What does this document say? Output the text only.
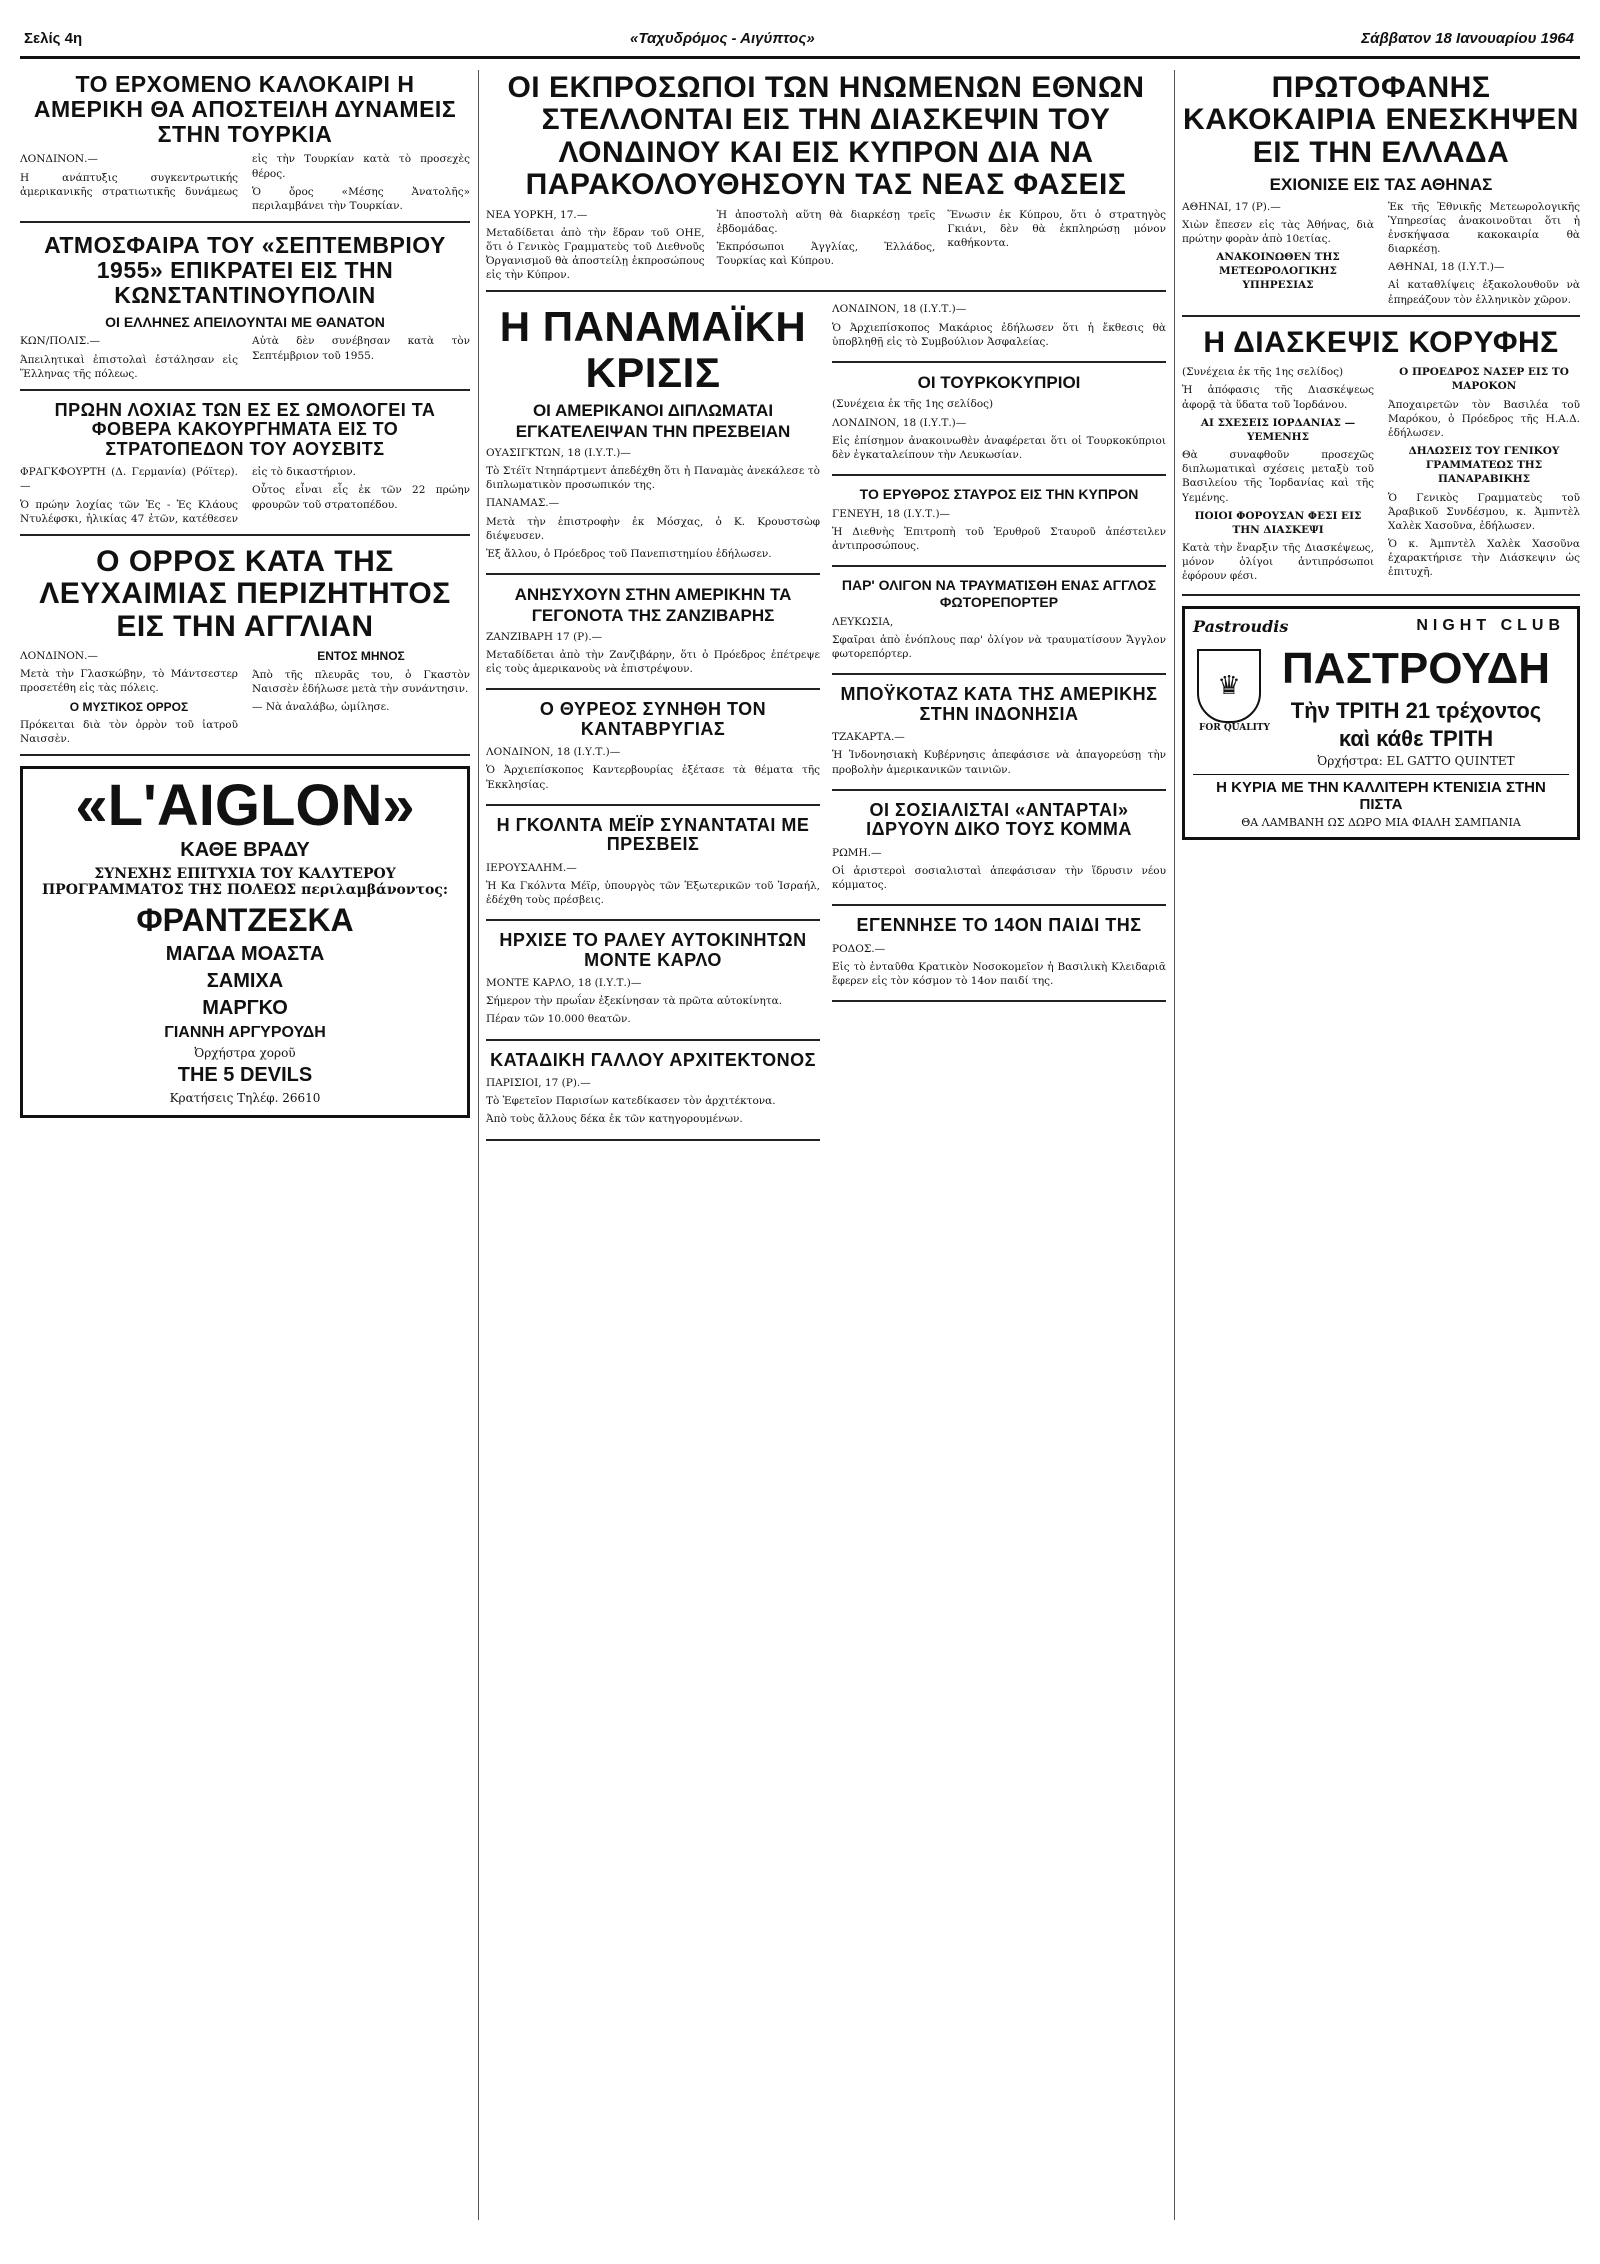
Σελίς 4η	«Ταχυδρόμος - Αιγύπτος»	Σάββατον 18 Ιανουαρίου 1964
ΤΟ ΕΡΧΟΜΕΝΟ ΚΑΛΟΚΑΙΡΙ Η ΑΜΕΡΙΚΗ ΘΑ ΑΠΟΣΤΕΙΛΗ ΔΥΝΑΜΕΙΣ ΣΤΗΝ ΤΟΥΡΚΙΑ

ΛΟΝΔΙΝΟΝ.—

Η ανάπτυξις συγκεντρωτικής ἀμερικανικῆς στρατιωτικῆς δυνάμεως εἰς τὴν Τουρκίαν κατὰ τὸ προσεχὲς θέρος.

Ὁ ὄρος «Μέσης Ἀνατολῆς» περιλαμβάνει τὴν Τουρκίαν.

ΑΤΜΟΣΦΑΙΡΑ ΤΟΥ «ΣΕΠΤΕΜΒΡΙΟΥ 1955» ΕΠΙΚΡΑΤΕΙ ΕΙΣ ΤΗΝ ΚΩΝΣΤΑΝΤΙΝΟΥΠΟΛΙΝ
ΟΙ ΕΛΛΗΝΕΣ ΑΠΕΙΛΟΥΝΤΑΙ ΜΕ ΘΑΝΑΤΟΝ

ΚΩΝ/ΠΟΛΙΣ.—

Ἀπειλητικαὶ ἐπιστολαὶ ἐστάλησαν εἰς Ἕλληνας τῆς πόλεως.

Αὐτὰ δὲν συνέβησαν κατὰ τὸν Σεπτέμβριον τοῦ 1955.

ΠΡΩΗΝ ΛΟΧΙΑΣ ΤΩΝ ΕΣ ΕΣ ΩΜΟΛΟΓΕΙ ΤΑ ΦΟΒΕΡΑ ΚΑΚΟΥΡΓΗΜΑΤΑ ΕΙΣ ΤΟ ΣΤΡΑΤΟΠΕΔΟΝ ΤΟΥ ΑΟΥΣΒΙΤΣ

ΦΡΑΓΚΦΟΥΡΤΗ (Δ. Γερμανία) (Ρόϊτερ).—

Ὁ πρώην λοχίας τῶν Ἐς - Ἐς Κλάους Ντυλέφσκι, ἡλικίας 47 ἐτῶν, κατέθεσεν εἰς τὸ δικαστήριον.

Οὗτος εἶναι εἷς ἐκ τῶν 22 πρώην φρουρῶν τοῦ στρατοπέδου.

Ο ΟΡΡΟΣ ΚΑΤΑ ΤΗΣ ΛΕΥΧΑΙΜΙΑΣ ΠΕΡΙΖΗΤΗΤΟΣ ΕΙΣ ΤΗΝ ΑΓΓΛΙΑΝ

ΛΟΝΔΙΝΟΝ.—

Μετὰ τὴν Γλασκώβην, τὸ Μάντσεστερ προσετέθη εἰς τὰς πόλεις.

Ο ΜΥΣΤΙΚΟΣ ΟΡΡΟΣ

Πρόκειται διὰ τὸν ὀρρὸν τοῦ ἰατροῦ Ναισσὲν.

ΕΝΤΟΣ ΜΗΝΟΣ

Ἀπὸ τῆς πλευρᾶς του, ὁ Γκαστὸν Ναισσὲν ἐδήλωσε μετὰ τὴν συνάντησιν.

— Νὰ ἀναλάβω, ὡμίλησε.

«L'AIGLON»
ΚΑΘΕ ΒΡΑΔΥ
ΣΥΝΕΧΗΣ ΕΠΙΤΥΧΙΑ ΤΟΥ ΚΑΛΥΤΕΡΟΥ ΠΡΟΓΡΑΜΜΑΤΟΣ ΤΗΣ ΠΟΛΕΩΣ περιλαμβάνοντος:
ΦΡΑΝΤΖΕΣΚΑ
ΜΑΓΔΑ ΜΟΑΣΤΑ
ΣΑΜΙΧΑ
ΜΑΡΓΚΟ
ΓΙΑΝΝΗ ΑΡΓΥΡΟΥΔΗ
Ὀρχήστρα χοροῦ
THE 5 DEVILS
Κρατήσεις Τηλέφ. 26610
ΟΙ ΕΚΠΡΟΣΩΠΟΙ ΤΩΝ ΗΝΩΜΕΝΩΝ ΕΘΝΩΝ ΣΤΕΛΛΟΝΤΑΙ ΕΙΣ ΤΗΝ ΔΙΑΣΚΕΨΙΝ ΤΟΥ ΛΟΝΔΙΝΟΥ ΚΑΙ ΕΙΣ ΚΥΠΡΟΝ ΔΙΑ ΝΑ ΠΑΡΑΚΟΛΟΥΘΗΣΟΥΝ ΤΑΣ ΝΕΑΣ ΦΑΣΕΙΣ

ΝΕΑ ΥΟΡΚΗ, 17.—

Μεταδίδεται ἀπὸ τὴν ἕδραν τοῦ ΟΗΕ, ὅτι ὁ Γενικὸς Γραμματεὺς τοῦ Διεθνοῦς Ὀργανισμοῦ θὰ ἀποστείλῃ ἐκπροσώπους εἰς τὴν Κύπρον.

Ἡ ἀποστολὴ αὕτη θὰ διαρκέσῃ τρεῖς ἑβδομάδας.

Ἐκπρόσωποι Ἀγγλίας, Ἑλλάδος, Τουρκίας καὶ Κύπρου.

Ἕνωσιν ἐκ Κύπρου, ὅτι ὁ στρατηγὸς Γκιάνι, δὲν θὰ ἐκπληρώσῃ μόνον καθήκοντα.

Η ΠΑΝΑΜΑΪΚΗ ΚΡΙΣΙΣ
ΟΙ ΑΜΕΡΙΚΑΝΟΙ ΔΙΠΛΩΜΑΤΑΙ ΕΓΚΑΤΕΛΕΙΨΑΝ ΤΗΝ ΠΡΕΣΒΕΙΑΝ

ΟΥΑΣΙΓΚΤΩΝ, 18 (Ι.Υ.Τ.)—

Τὸ Στέϊτ Ντηπάρτμεντ ἀπεδέχθη ὅτι ἡ Παναμὰς ἀνεκάλεσε τὸ διπλωματικὸν προσωπικόν της.

ΠΑΝΑΜΑΣ.—

Μετὰ τὴν ἐπιστροφὴν ἐκ Μόσχας, ὁ Κ. Κρουστσὼφ διέψευσεν.

Ἐξ ἄλλου, ὁ Πρόεδρος τοῦ Πανεπιστημίου ἐδήλωσεν.

ΑΝΗΣΥΧΟΥΝ ΣΤΗΝ ΑΜΕΡΙΚΗΝ ΤΑ ΓΕΓΟΝΟΤΑ ΤΗΣ ΖΑΝΖΙΒΑΡΗΣ

ΖΑΝΖΙΒΑΡΗ 17 (Ρ).—

Μεταδίδεται ἀπὸ τὴν Ζανζιβάρην, ὅτι ὁ Πρόεδρος ἐπέτρεψε εἰς τοὺς ἀμερικανοὺς νὰ ἐπιστρέψουν.

Ο ΘΥΡΕΟΣ ΣΥΝΗΘΗ ΤΟΝ ΚΑΝΤΑΒΡΥΓΙΑΣ

ΛΟΝΔΙΝΟΝ, 18 (Ι.Υ.Τ.)—

Ὁ Ἀρχιεπίσκοπος Καντερβουρίας ἐξέτασε τὰ θέματα τῆς Ἐκκλησίας.

Η ΓΚΟΛΝΤΑ ΜΕΪΡ ΣΥΝΑΝΤΑΤΑΙ ΜΕ ΠΡΕΣΒΕΙΣ

ΙΕΡΟΥΣΑΛΗΜ.—

Ἡ Κα Γκόλντα Μέϊρ, ὑπουργὸς τῶν Ἐξωτερικῶν τοῦ Ἰσραήλ, ἐδέχθη τοὺς πρέσβεις.

ΗΡΧΙΣΕ ΤΟ ΡΑΛΕΥ ΑΥΤΟΚΙΝΗΤΩΝ ΜΟΝΤΕ ΚΑΡΛΟ

ΜΟΝΤΕ ΚΑΡΛΟ, 18 (Ι.Υ.Τ.)—

Σήμερον τὴν πρωΐαν ἐξεκίνησαν τὰ πρῶτα αὐτοκίνητα.

Πέραν τῶν 10.000 θεατῶν.

ΚΑΤΑΔΙΚΗ ΓΑΛΛΟΥ ΑΡΧΙΤΕΚΤΟΝΟΣ

ΠΑΡΙΣΙΟΙ, 17 (Ρ).—

Τὸ Ἐφετεῖον Παρισίων κατεδίκασεν τὸν ἀρχιτέκτονα.

Ἀπὸ τοὺς ἄλλους δέκα ἐκ τῶν κατηγορουμένων.

ΛΟΝΔΙΝΟΝ, 18 (Ι.Υ.Τ.)—

Ὁ Ἀρχιεπίσκοπος Μακάριος ἐδήλωσεν ὅτι ἡ ἔκθεσις θὰ ὑποβληθῇ εἰς τὸ Συμβούλιον Ἀσφαλείας.

ΟΙ ΤΟΥΡΚΟΚΥΠΡΙΟΙ

(Συνέχεια ἐκ τῆς 1ης σελίδος)

ΛΟΝΔΙΝΟΝ, 18 (Ι.Υ.Τ.)—

Εἰς ἐπίσημον ἀνακοινωθὲν ἀναφέρεται ὅτι οἱ Τουρκοκύπριοι δὲν ἐγκαταλείπουν τὴν Λευκωσίαν.

ΤΟ ΕΡΥΘΡΟΣ ΣΤΑΥΡΟΣ ΕΙΣ ΤΗΝ ΚΥΠΡΟΝ

ΓΕΝΕΥΗ, 18 (Ι.Υ.Τ.)—

Ἡ Διεθνὴς Ἐπιτροπὴ τοῦ Ἐρυθροῦ Σταυροῦ ἀπέστειλεν ἀντιπροσώπους.

ΠΑΡ' ΟΛΙΓΟΝ ΝΑ ΤΡΑΥΜΑΤΙΣΘΗ ΕΝΑΣ ΑΓΓΛΟΣ ΦΩΤΟΡΕΠΟΡΤΕΡ

ΛΕΥΚΩΣΙΑ,

Σφαῖραι ἀπὸ ἐνόπλους παρ' ὀλίγον νὰ τραυματίσουν Ἄγγλον φωτορεπόρτερ.

ΜΠΟΫΚΟΤΑΖ ΚΑΤΑ ΤΗΣ ΑΜΕΡΙΚΗΣ ΣΤΗΝ ΙΝΔΟΝΗΣΙΑ

ΤΖΑΚΑΡΤΑ.—

Ἡ Ἰνδονησιακὴ Κυβέρνησις ἀπεφάσισε νὰ ἀπαγορεύσῃ τὴν προβολὴν ἀμερικανικῶν ταινιῶν.

ΟΙ ΣΟΣΙΑΛΙΣΤΑΙ «ΑΝΤΑΡΤΑΙ» ΙΔΡΥΟΥΝ ΔΙΚΟ ΤΟΥΣ ΚΟΜΜΑ

ΡΩΜΗ.—

Οἱ ἀριστεροὶ σοσιαλισταὶ ἀπεφάσισαν τὴν ἵδρυσιν νέου κόμματος.

ΕΓΕΝΝΗΣΕ ΤΟ 14ΟΝ ΠΑΙΔΙ ΤΗΣ

ΡΟΔΟΣ.—

Εἰς τὸ ἐνταῦθα Κρατικὸν Νοσοκομεῖον ἡ Βασιλικὴ Κλειδαριᾶ ἔφερεν εἰς τὸν κόσμον τὸ 14ον παιδί της.

ΠΡΩΤΟΦΑΝΗΣ ΚΑΚΟΚΑΙΡΙΑ ΕΝΕΣΚΗΨΕΝ ΕΙΣ ΤΗΝ ΕΛΛΑΔΑ
ΕΧΙΟΝΙΣΕ ΕΙΣ ΤΑΣ ΑΘΗΝΑΣ

ΑΘΗΝΑΙ, 17 (Ρ).—

Χιὼν ἔπεσεν εἰς τὰς Ἀθήνας, διὰ πρώτην φορὰν ἀπὸ 10ετίας.

ΑΝΑΚΟΙΝΩΘΕΝ ΤΗΣ ΜΕΤΕΩΡΟΛΟΓΙΚΗΣ ΥΠΗΡΕΣΙΑΣ

Ἐκ τῆς Ἐθνικῆς Μετεωρολογικῆς Ὑπηρεσίας ἀνακοινοῦται ὅτι ἡ ἐνσκήψασα κακοκαιρία θὰ διαρκέσῃ.

ΑΘΗΝΑΙ, 18 (Ι.Υ.Τ.)—

Αἱ καταθλίψεις ἐξακολουθοῦν νὰ ἐπηρεάζουν τὸν ἑλληνικὸν χῶρον.

Η ΔΙΑΣΚΕΨΙΣ ΚΟΡΥΦΗΣ

(Συνέχεια ἐκ τῆς 1ης σελίδος)

Ἡ ἀπόφασις τῆς Διασκέψεως ἀφορᾷ τὰ ὕδατα τοῦ Ἰορδάνου.

ΑΙ ΣΧΕΣΕΙΣ ΙΟΡΔΑΝΙΑΣ — ΥΕΜΕΝΗΣ

Θὰ συναφθοῦν προσεχῶς διπλωματικαὶ σχέσεις μεταξὺ τοῦ Βασιλείου τῆς Ἰορδανίας καὶ τῆς Υεμένης.

ΠΟΙΟΙ ΦΟΡΟΥΣΑΝ ΦΕΣΙ ΕΙΣ ΤΗΝ ΔΙΑΣΚΕΨΙ

Κατὰ τὴν ἔναρξιν τῆς Διασκέψεως, μόνον ὀλίγοι ἀντιπρόσωποι ἐφόρουν φέσι.

Ο ΠΡΟΕΔΡΟΣ ΝΑΣΕΡ ΕΙΣ ΤΟ ΜΑΡΟΚΟΝ

Ἀποχαιρετῶν τὸν Βασιλέα τοῦ Μαρόκου, ὁ Πρόεδρος τῆς Η.Α.Δ. ἐδήλωσεν.

ΔΗΛΩΣΕΙΣ ΤΟΥ ΓΕΝΙΚΟΥ ΓΡΑΜΜΑΤΕΩΣ ΤΗΣ ΠΑΝΑΡΑΒΙΚΗΣ

Ὁ Γενικὸς Γραμματεὺς τοῦ Ἀραβικοῦ Συνδέσμου, κ. Ἀμπντὲλ Χαλὲκ Χασοῦνα, ἐδήλωσεν.

Ὁ κ. Ἀμπντὲλ Χαλὲκ Χασοῦνα ἐχαρακτήρισε τὴν Διάσκεψιν ὡς ἐπιτυχῆ.

Pastroudis	NIGHT CLUB
♛
FOR QUALITY
ΠΑΣΤΡΟΥΔΗ
Τὴν ΤΡΙΤΗ 21 τρέχοντος
καὶ κάθε ΤΡΙΤΗ
Ὀρχήστρα: EL GATTO QUINTET
Η ΚΥΡΙΑ ΜΕ ΤΗΝ ΚΑΛΛΙΤΕΡΗ ΚΤΕΝΙΣΙΑ ΣΤΗΝ ΠΙΣΤΑ
ΘΑ ΛΑΜΒΑΝΗ ΩΣ ΔΩΡΟ ΜΙΑ ΦΙΑΛΗ ΣΑΜΠΑΝΙΑ
